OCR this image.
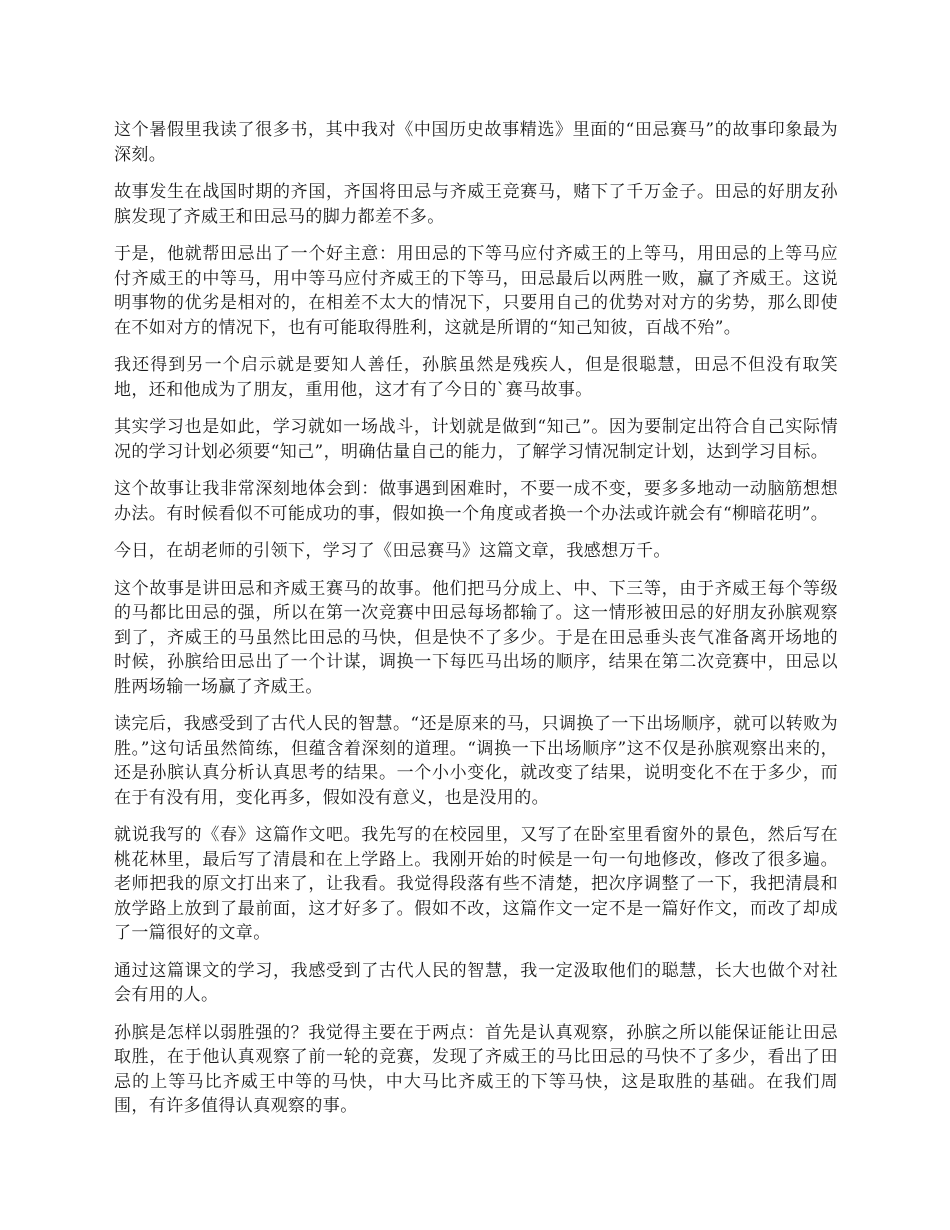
这个暑假里我读了很多书，其中我对《中国历史故事精选》里面的“田忌赛马”的故事印象最为深刻。

故事发生在战国时期的齐国，齐国将田忌与齐威王竞赛马，赌下了千万金子。田忌的好朋友孙膑发现了齐威王和田忌马的脚力都差不多。

于是，他就帮田忌出了一个好主意：用田忌的下等马应付齐威王的上等马，用田忌的上等马应付齐威王的中等马，用中等马应付齐威王的下等马，田忌最后以两胜一败，赢了齐威王。这说明事物的优劣是相对的，在相差不太大的情况下，只要用自己的优势对对方的劣势，那么即使在不如对方的情况下，也有可能取得胜利，这就是所谓的“知己知彼，百战不殆”。

我还得到另一个启示就是要知人善任，孙膑虽然是残疾人，但是很聪慧，田忌不但没有取笑地，还和他成为了朋友，重用他，这才有了今日的`赛马故事。

其实学习也是如此，学习就如一场战斗，计划就是做到“知己”。因为要制定出符合自己实际情况的学习计划必须要“知己”，明确估量自己的能力，了解学习情况制定计划，达到学习目标。

这个故事让我非常深刻地体会到：做事遇到困难时，不要一成不变，要多多地动一动脑筋想想办法。有时候看似不可能成功的事，假如换一个角度或者换一个办法或许就会有“柳暗花明”。

今日，在胡老师的引领下，学习了《田忌赛马》这篇文章，我感想万千。

这个故事是讲田忌和齐威王赛马的故事。他们把马分成上、中、下三等，由于齐威王每个等级的马都比田忌的强，所以在第一次竞赛中田忌每场都输了。这一情形被田忌的好朋友孙膑观察到了，齐威王的马虽然比田忌的马快，但是快不了多少。于是在田忌垂头丧气准备离开场地的时候，孙膑给田忌出了一个计谋，调换一下每匹马出场的顺序，结果在第二次竞赛中，田忌以胜两场输一场赢了齐威王。

读完后，我感受到了古代人民的智慧。“还是原来的马，只调换了一下出场顺序，就可以转败为胜。”这句话虽然简练，但蕴含着深刻的道理。“调换一下出场顺序”这不仅是孙膑观察出来的，还是孙膑认真分析认真思考的结果。一个小小变化，就改变了结果，说明变化不在于多少，而在于有没有用，变化再多，假如没有意义，也是没用的。

就说我写的《春》这篇作文吧。我先写的在校园里，又写了在卧室里看窗外的景色，然后写在桃花林里，最后写了清晨和在上学路上。我刚开始的时候是一句一句地修改，修改了很多遍。老师把我的原文打出来了，让我看。我觉得段落有些不清楚，把次序调整了一下，我把清晨和放学路上放到了最前面，这才好多了。假如不改，这篇作文一定不是一篇好作文，而改了却成了一篇很好的文章。

通过这篇课文的学习，我感受到了古代人民的智慧，我一定汲取他们的聪慧，长大也做个对社会有用的人。

孙膑是怎样以弱胜强的？我觉得主要在于两点：首先是认真观察，孙膑之所以能保证能让田忌取胜，在于他认真观察了前一轮的竞赛，发现了齐威王的马比田忌的马快不了多少，看出了田忌的上等马比齐威王中等的马快，中大马比齐威王的下等马快，这是取胜的基础。在我们周围，有许多值得认真观察的事。
